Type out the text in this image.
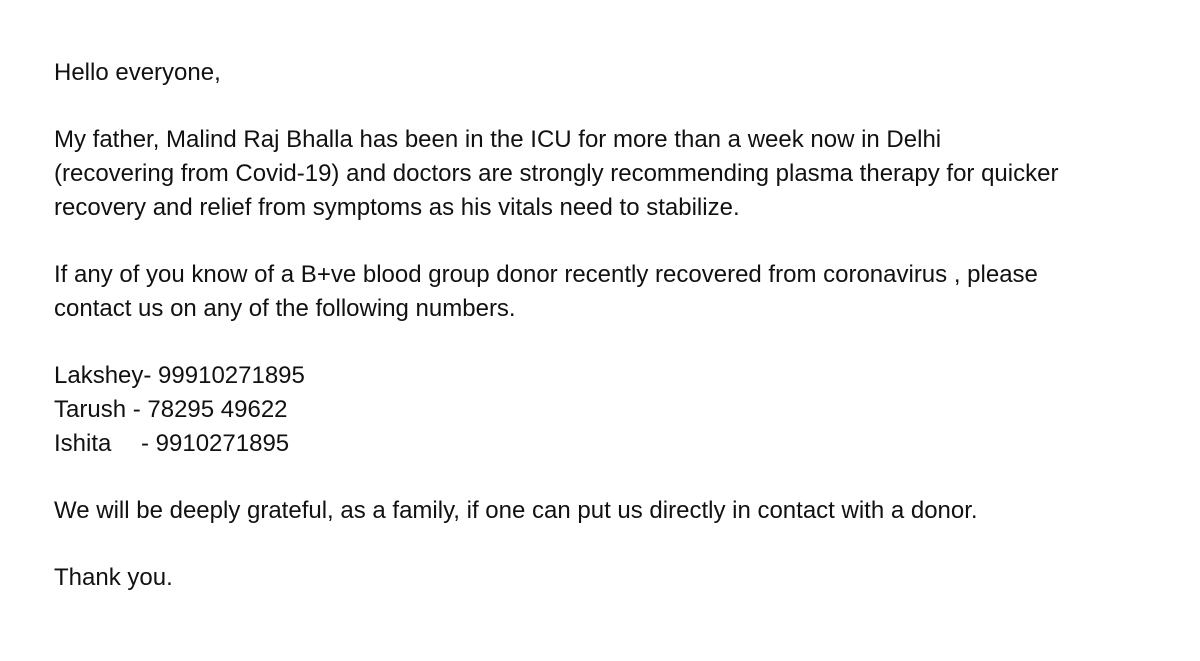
Hello everyone,
My father, Malind Raj Bhalla has been in the ICU for more than a week now in Delhi
(recovering from Covid-19) and doctors are strongly recommending plasma therapy for quicker
recovery and relief from symptoms as his vitals need to stabilize.
If any of you know of a B+ve blood group donor recently recovered from coronavirus , please
contact us on any of the following numbers.
Lakshey- 99910271895
Tarush - 78295 49622
Ishita - 9910271895
We will be deeply grateful, as a family, if one can put us directly in contact with a donor.
Thank you.
